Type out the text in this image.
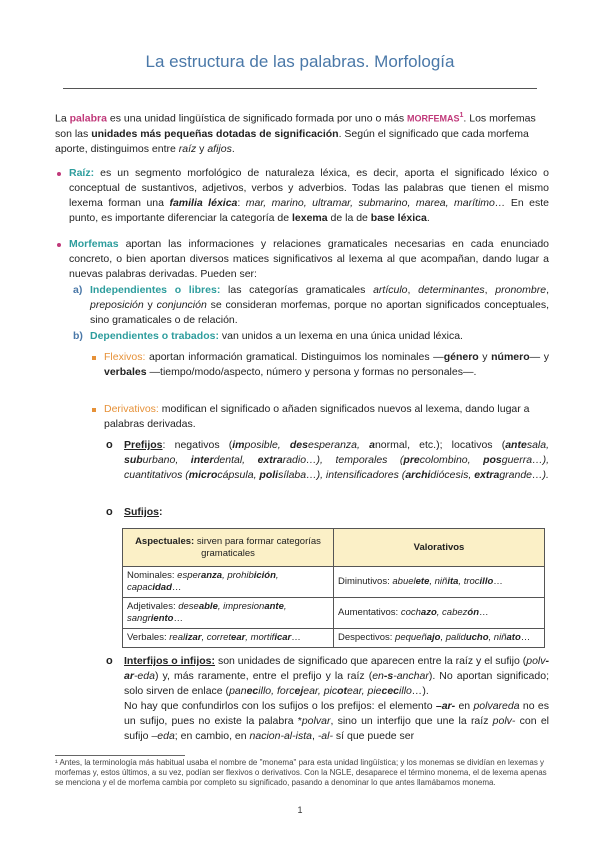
La estructura de las palabras. Morfología
La palabra es una unidad lingüística de significado formada por uno o más MORFEMAS$^1$. Los morfemas son las unidades más pequeñas dotadas de significación. Según el significado que cada morfema aporte, distinguimos entre raíz y afijos.
Raíz: es un segmento morfológico de naturaleza léxica, es decir, aporta el significado léxico o conceptual de sustantivos, adjetivos, verbos y adverbios. Todas las palabras que tienen el mismo lexema forman una familia léxica: mar, marino, ultramar, submarino, marea, marítimo… En este punto, es importante diferenciar la categoría de lexema de la de base léxica.
Morfemas aportan las informaciones y relaciones gramaticales necesarias en cada enunciado concreto, o bien aportan diversos matices significativos al lexema al que acompañan, dando lugar a nuevas palabras derivadas. Pueden ser:
a) Independientes o libres: las categorías gramaticales artículo, determinantes, pronombre, preposición y conjunción se consideran morfemas, porque no aportan significados conceptuales, sino gramaticales o de relación.
b) Dependientes o trabados: van unidos a un lexema en una única unidad léxica.
Flexivos: aportan información gramatical. Distinguimos los nominales —género y número— y verbales —tiempo/modo/aspecto, número y persona y formas no personales—.
Derivativos: modifican el significado o añaden significados nuevos al lexema, dando lugar a palabras derivadas.
o Prefijos: negativos (imposible, desesperanza, anormal, etc.); locativos (antesala, suburbano, interdental, extraradio…), temporales (precolombino, posguerra…), cuantitativos (microcápsula, polisílaba…), intensificadores (archidiócesis, extragrande…).
o Sufijos:
Aspectuales: sirven para formar categorías gramaticales	Valorativos
Nominales: esperanza, prohibición, capacidad…	Diminutivos: abuelete, niñita, trocillo…
Adjetivales: deseable, impresionante, sangriento…	Aumentativos: cochazo, cabezón…
Verbales: realizar, corretear, mortificar…	Despectivos: pequeñajo, paliducho, niñato…
o Interfijos o infijos: son unidades de significado que aparecen entre la raíz y el sufijo (polv-ar-eda) y, más raramente, entre el prefijo y la raíz (en-s-anchar). No aportan significado; solo sirven de enlace (panecillo, forcejear, picotear, piececillo…).
No hay que confundirlos con los sufijos o los prefijos: el elemento –ar- en polvareda no es un sufijo, pues no existe la palabra *polvar, sino un interfijo que une la raíz polv- con el sufijo –eda; en cambio, en nacion-al-ista, -al- sí que puede ser
¹ Antes, la terminología más habitual usaba el nombre de "monema" para esta unidad lingüística; y los monemas se dividían en lexemas y morfemas y, estos últimos, a su vez, podían ser flexivos o derivativos. Con la NGLE, desaparece el término monema, el de lexema apenas se menciona y el de morfema cambia por completo su significado, pasando a denominar lo que antes llamábamos monema.
1
